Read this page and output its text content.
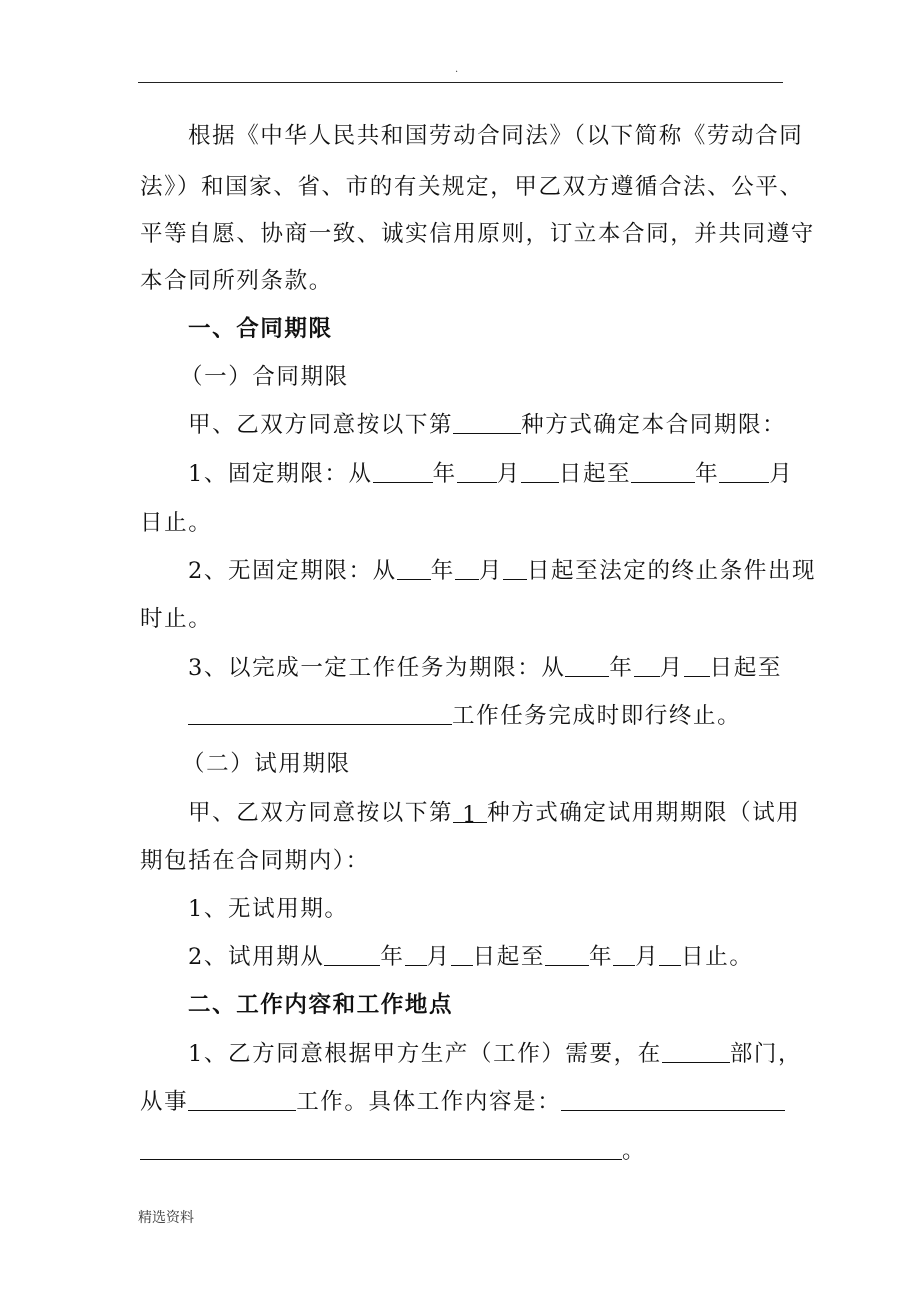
.
根据《中华人民共和国劳动合同法》（以下简称《劳动合同
法》）和国家、省、市的有关规定，甲乙双方遵循合法、公平、
平等自愿、协商一致、诚实信用原则，订立本合同，并共同遵守
本合同所列条款。
一、合同期限
（一）合同期限
甲、乙双方同意按以下第	种方式确定本合同期限：
1、固定期限：从	年 月 日起至	年 月
日止。
2、无固定期限：从 年 月 日起至法定的终止条件出现
时止。
3、以完成一定工作任务为期限：从 年 月 日起至
工作任务完成时即行终止。
（二）试用期限
甲、乙双方同意按以下第 1 种方式确定试用期期限（试用
期包括在合同期内）：
1、无试用期。
2、试用期从 年 月 日起至 年 月 日止。
二、工作内容和工作地点
1、乙方同意根据甲方生产（工作）需要，在	部门，
从事	工作。具体工作内容是：
。
精选资料
